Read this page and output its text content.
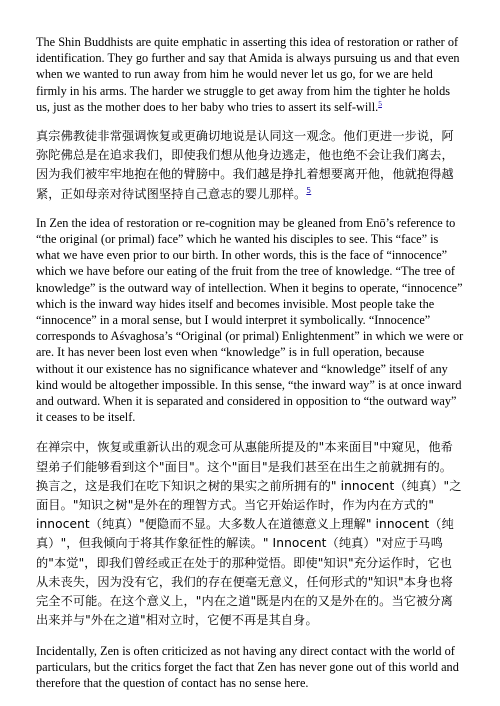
The Shin Buddhists are quite emphatic in asserting this idea of restoration or rather of identification. They go further and say that Amida is always pursuing us and that even when we wanted to run away from him he would never let us go, for we are held firmly in his arms. The harder we struggle to get away from him the tighter he holds us, just as the mother does to her baby who tries to assert its self-will.$^5$

真宗佛教徒非常强调恢复或更确切地说是认同这一观念。他们更进一步说，阿弥陀佛总是在追求我们，即使我们想从他身边逃走，他也绝不会让我们离去，因为我们被牢牢地抱在他的臂膀中。我们越是挣扎着想要离开他，他就抱得越紧，正如母亲对待试图坚持自己意志的婴儿那样。$^5$

In Zen the idea of restoration or re-cognition may be gleaned from Enō’s reference to “the original (or primal) face” which he wanted his disciples to see. This “face” is what we have even prior to our birth. In other words, this is the face of “innocence” which we have before our eating of the fruit from the tree of knowledge. “The tree of knowledge” is the outward way of intellection. When it begins to operate, “innocence” which is the inward way hides itself and becomes invisible. Most people take the “innocence” in a moral sense, but I would interpret it symbolically. “Innocence” corresponds to Aśvaghosa’s “Original (or primal) Enlightenment” in which we were or are. It has never been lost even when “knowledge” is in full operation, because without it our existence has no significance whatever and “knowledge” itself of any kind would be altogether impossible. In this sense, “the inward way” is at once inward and outward. When it is separated and considered in opposition to “the outward way” it ceases to be itself.

在禅宗中，恢复或重新认出的观念可从惠能所提及的"本来面目"中窥见，他希望弟子们能够看到这个"面目"。这个"面目"是我们甚至在出生之前就拥有的。换言之，这是我们在吃下知识之树的果实之前所拥有的" innocent（纯真）"之面目。"知识之树"是外在的理智方式。当它开始运作时，作为内在方式的" innocent（纯真）"便隐而不显。大多数人在道德意义上理解" innocent（纯真）"，但我倾向于将其作象征性的解读。" Innocent（纯真）"对应于马鸣的"本觉"，即我们曾经或正在处于的那种觉悟。即使"知识"充分运作时，它也从未丧失，因为没有它，我们的存在便毫无意义，任何形式的"知识"本身也将完全不可能。在这个意义上，"内在之道"既是内在的又是外在的。当它被分离出来并与"外在之道"相对立时，它便不再是其自身。

Incidentally, Zen is often criticized as not having any direct contact with the world of particulars, but the critics forget the fact that Zen has never gone out of this world and therefore that the question of contact has no sense here.
